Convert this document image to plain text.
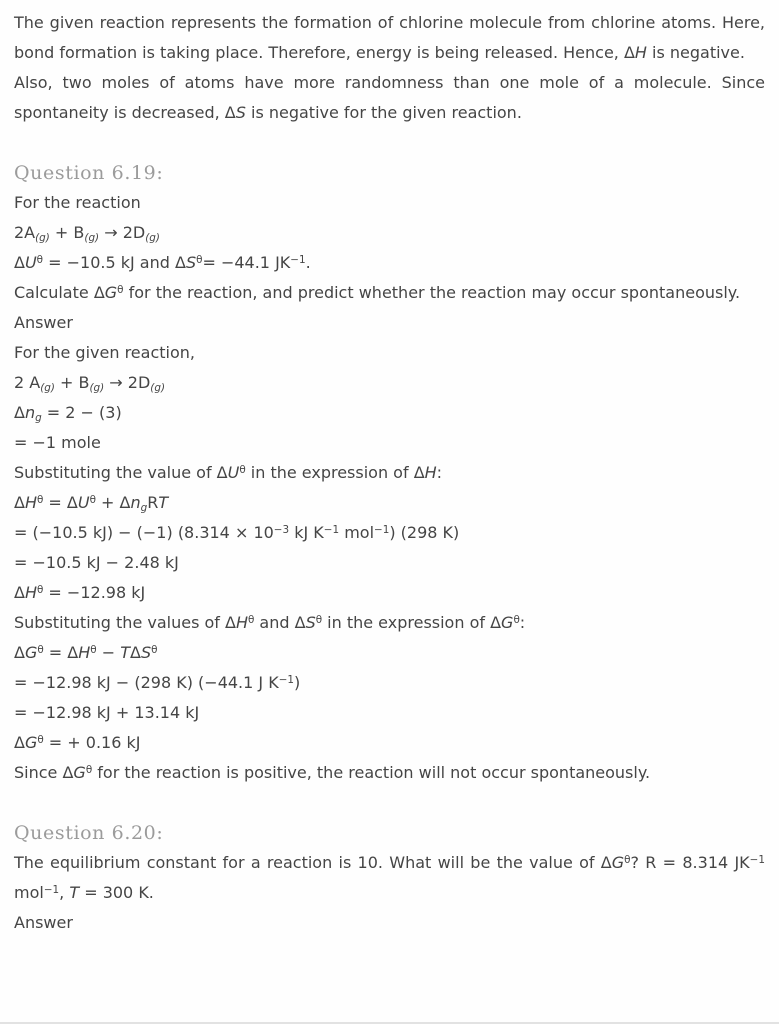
The given reaction represents the formation of chlorine molecule from chlorine atoms. Here, bond formation is taking place. Therefore, energy is being released. Hence, ΔH is negative.

Also, two moles of atoms have more randomness than one mole of a molecule. Since spontaneity is decreased, ΔS is negative for the given reaction.

Question 6.19:

For the reaction

$2A_{(g)} + B_{(g)} \to 2D_{(g)}$

$\Delta U^\theta = -10.5$ kJ and $\Delta S^\theta= -44.1$ $JK^{-1}$.

Calculate $\Delta G^\theta$ for the reaction, and predict whether the reaction may occur spontaneously.

Answer

For the given reaction,

2 $A_{(g)} + B_{(g)} \to 2D_{(g)}$

$\Delta n_g = 2 - (3)$

= −1 mole

Substituting the value of $\Delta U^\theta$ in the expression of ΔH:

$\Delta H^\theta = \Delta U^\theta + \Delta n_gRT$

= (−10.5 kJ) − (−1) ($8.314 \times 10^{-3}$ kJ $K^{-1}$ mol$^{-1}$) (298 K)

= −10.5 kJ − 2.48 kJ

$\Delta H^\theta = -12.98$ kJ

Substituting the values of $\Delta H^\theta$ and $\Delta S^\theta$ in the expression of $\Delta G^\theta$:

$\Delta G^\theta = \Delta H^\theta - T\Delta S^\theta$

= −12.98 kJ − (298 K) (−44.1 J $K^{-1}$)

= −12.98 kJ + 13.14 kJ

$\Delta G^\theta$ = + 0.16 kJ

Since $\Delta G^\theta$ for the reaction is positive, the reaction will not occur spontaneously.

Question 6.20:

The equilibrium constant for a reaction is 10. What will be the value of $\Delta G^\theta$? R = 8.314 $JK^{-1}$ mol$^{-1}$, T = 300 K.

Answer
